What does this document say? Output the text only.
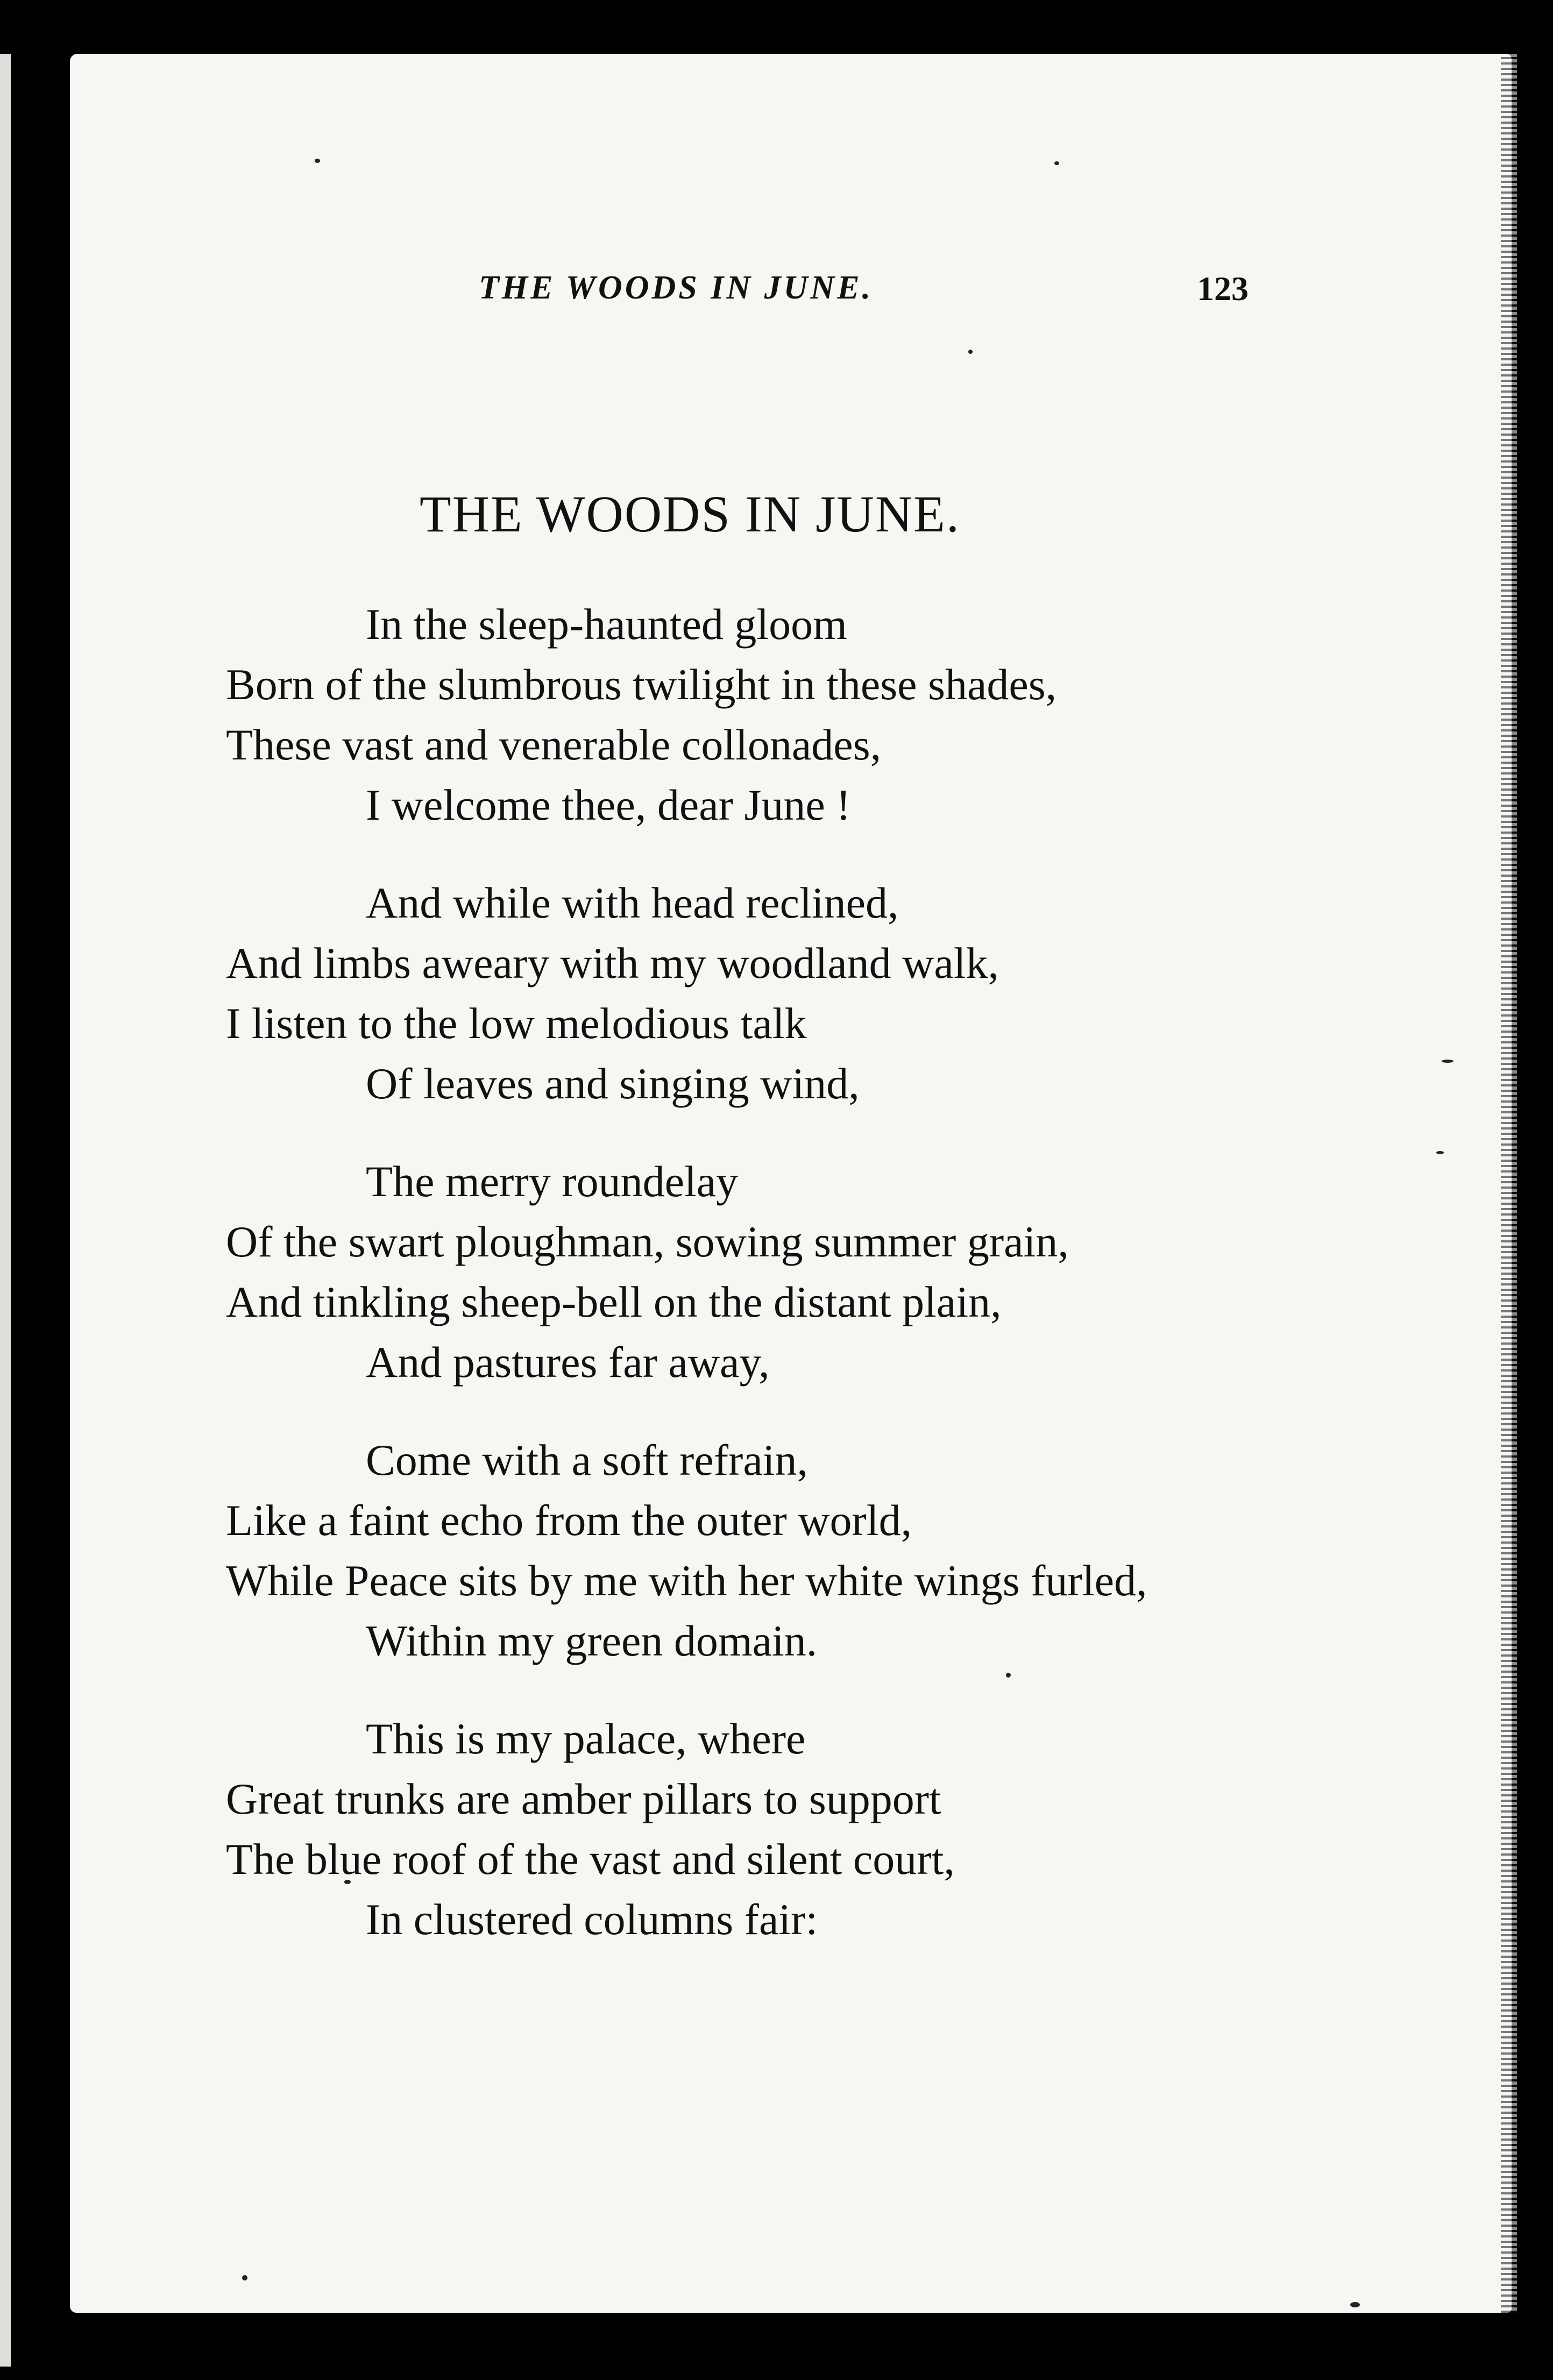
THE WOODS IN JUNE.	123
THE WOODS IN JUNE.
In the sleep-haunted gloom
Born of the slumbrous twilight in these shades,
These vast and venerable collonades,
I welcome thee, dear June !
And while with head reclined,
And limbs aweary with my woodland walk,
I listen to the low melodious talk
Of leaves and singing wind,
The merry roundelay
Of the swart ploughman, sowing summer grain,
And tinkling sheep-bell on the distant plain,
And pastures far away,
Come with a soft refrain,
Like a faint echo from the outer world,
While Peace sits by me with her white wings furled,
Within my green domain.
This is my palace, where
Great trunks are amber pillars to support
The blue roof of the vast and silent court,
In clustered columns fair:
